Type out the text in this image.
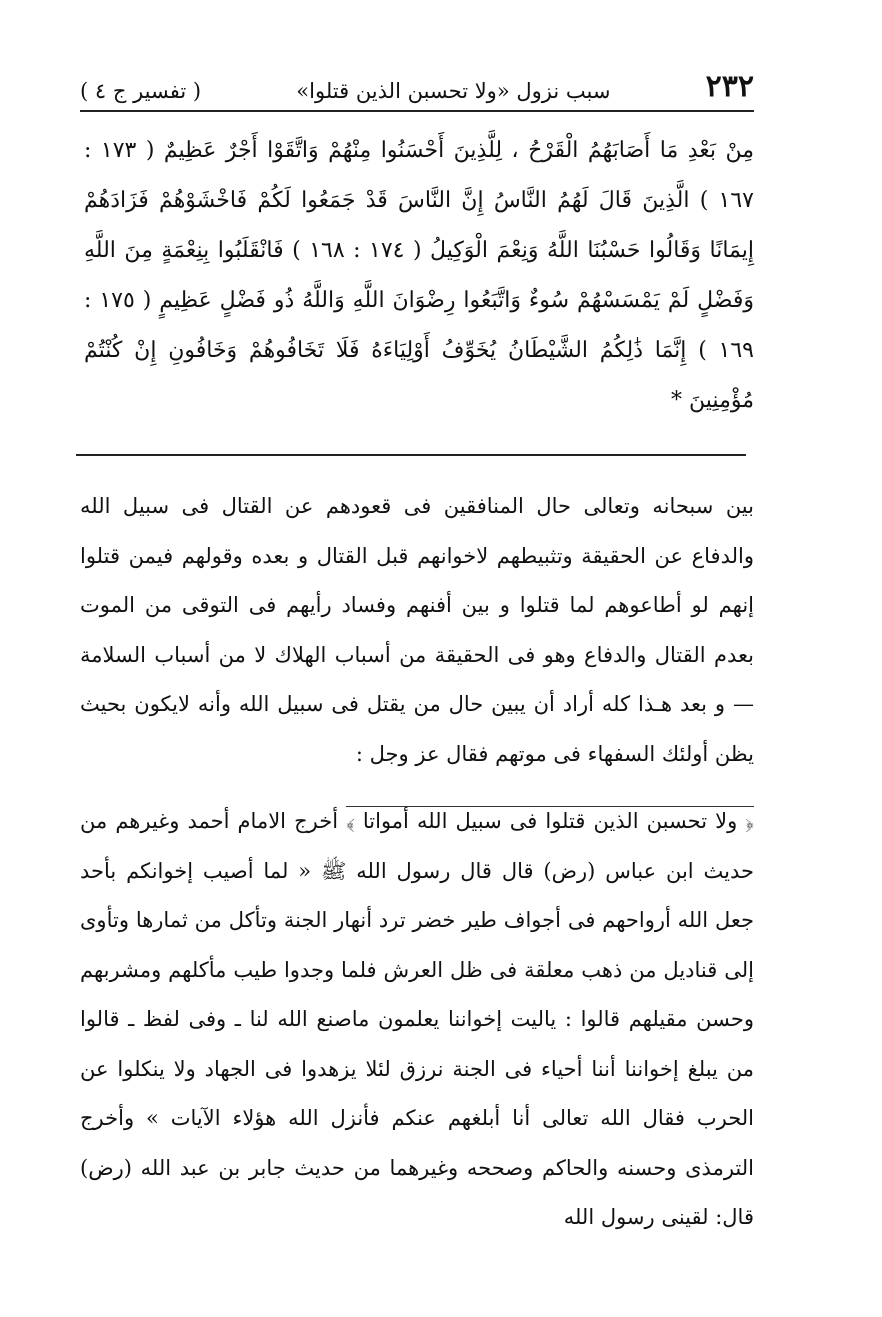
٢٣٢
سبب نزول «ولا تحسبن الذين قتلوا»
( تفسير ج ٤ )
مِنْ بَعْدِ مَا أَصَابَهُمُ الْقَرْحُ ، لِلَّذِينَ أَحْسَنُوا مِنْهُمْ وَاتَّقَوْا أَجْرٌ عَظِيمٌ ( ١٧٣ : ١٦٧ ) الَّذِينَ قَالَ لَهُمُ النَّاسُ إِنَّ النَّاسَ قَدْ جَمَعُوا لَكُمْ فَاخْشَوْهُمْ فَزَادَهُمْ إِيمَانًا وَقَالُوا حَسْبُنَا اللَّهُ وَنِعْمَ الْوَكِيلُ ( ١٧٤ : ١٦٨ ) فَانْقَلَبُوا بِنِعْمَةٍ مِنَ اللَّهِ وَفَضْلٍ لَمْ يَمْسَسْهُمْ سُوءٌ وَاتَّبَعُوا رِضْوَانَ اللَّهِ وَاللَّهُ ذُو فَضْلٍ عَظِيمٍ ( ١٧٥ : ١٦٩ ) إِنَّمَا ذَٰلِكُمُ الشَّيْطَانُ يُخَوِّفُ أَوْلِيَاءَهُ فَلَا تَخَافُوهُمْ وَخَافُونِ إِنْ كُنْتُمْ مُؤْمِنِينَ *

بين سبحانه وتعالى حال المنافقين فى قعودهم عن القتال فى سبيل الله والدفاع عن الحقيقة وتثبيطهم لاخوانهم قبل القتال و بعده وقولهم فيمن قتلوا إنهم لو أطاعوهم لما قتلوا و بين أفنهم وفساد رأيهم فى التوقى من الموت بعدم القتال والدفاع وهو فى الحقيقة من أسباب الهلاك لا من أسباب السلامة — و بعد هـذا كله أراد أن يبين حال من يقتل فى سبيل الله وأنه لايكون بحيث يظن أولئك السفهاء فى موتهم فقال عز وجل :

﴿ ولا تحسبن الذين قتلوا فى سبيل الله أمواتا ﴾ أخرج الامام أحمد وغيرهم من حديث ابن عباس (رض) قال قال رسول الله ﷺ « لما أصيب إخوانكم بأحد جعل الله أرواحهم فى أجواف طير خضر ترد أنهار الجنة وتأكل من ثمارها وتأوى إلى قناديل من ذهب معلقة فى ظل العرش فلما وجدوا طيب مأكلهم ومشربهم وحسن مقيلهم قالوا : ياليت إخواننا يعلمون ماصنع الله لنا ـ وفى لفظ ـ قالوا من يبلغ إخواننا أننا أحياء فى الجنة نرزق لئلا يزهدوا فى الجهاد ولا ينكلوا عن الحرب فقال الله تعالى أنا أبلغهم عنكم فأنزل الله هؤلاء الآيات » وأخرج الترمذى وحسنه والحاكم وصححه وغيرهما من حديث جابر بن عبد الله (رض) قال: لقينى رسول الله
